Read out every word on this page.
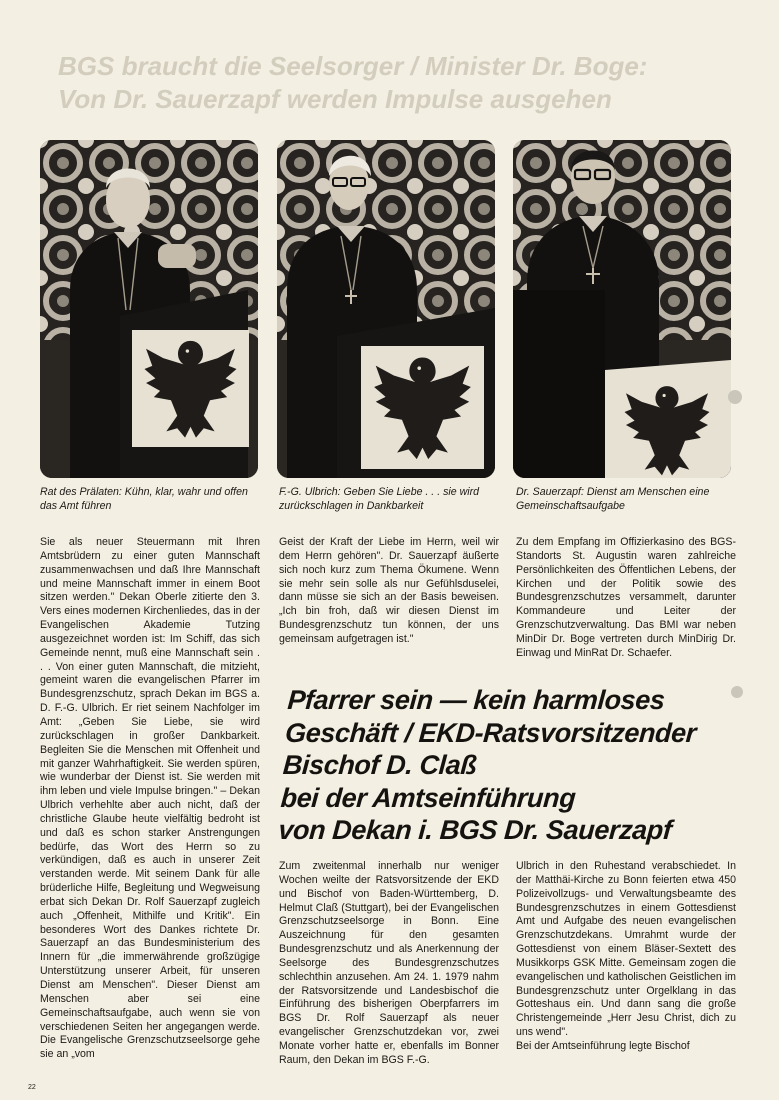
BGS braucht die Seelsorger / Minister Dr. Boge:
Von Dr. Sauerzapf werden Impulse ausgehen

Rat des Prälaten: Kühn, klar, wahr und offen das Amt führen

F.-G. Ulbrich: Geben Sie Liebe . . . sie wird zurückschlagen in Dankbarkeit

Dr. Sauerzapf: Dienst am Menschen eine Gemeinschaftsaufgabe

Sie als neuer Steuermann mit Ihren Amtsbrüdern zu einer guten Mannschaft zusammenwachsen und daß Ihre Mannschaft und meine Mannschaft immer in einem Boot sitzen werden." Dekan Oberle zitierte den 3. Vers eines modernen Kirchenliedes, das in der Evangelischen Akademie Tutzing ausgezeichnet worden ist: Im Schiff, das sich Gemeinde nennt, muß eine Mannschaft sein . . . Von einer guten Mannschaft, die mitzieht, gemeint waren die evangelischen Pfarrer im Bundesgrenzschutz, sprach Dekan im BGS a. D. F.-G. Ulbrich. Er riet seinem Nachfolger im Amt: „Geben Sie Liebe, sie wird zurückschlagen in großer Dankbarkeit. Begleiten Sie die Menschen mit Offenheit und mit ganzer Wahrhaftigkeit. Sie werden spüren, wie wunderbar der Dienst ist. Sie werden mit ihm leben und viele Impulse bringen." – Dekan Ulbrich verhehlte aber auch nicht, daß der christliche Glaube heute vielfältig bedroht ist und daß es schon starker Anstrengungen bedürfe, das Wort des Herrn so zu verkündigen, daß es auch in unserer Zeit verstanden werde. Mit seinem Dank für alle brüderliche Hilfe, Begleitung und Wegweisung erbat sich Dekan Dr. Rolf Sauerzapf zugleich auch „Offenheit, Mithilfe und Kritik". Ein besonderes Wort des Dankes richtete Dr. Sauerzapf an das Bundesministerium des Innern für „die immerwährende großzügige Unterstützung unserer Arbeit, für unseren Dienst am Menschen". Dieser Dienst am Menschen aber sei eine Gemeinschaftsaufgabe, auch wenn sie von verschiedenen Seiten her angegangen werde. Die Evangelische Grenzschutzseelsorge gehe sie an „vom

Geist der Kraft der Liebe im Herrn, weil wir dem Herrn gehören". Dr. Sauerzapf äußerte sich noch kurz zum Thema Ökumene. Wenn sie mehr sein solle als nur Gefühlsduselei, dann müsse sie sich an der Basis beweisen. „Ich bin froh, daß wir diesen Dienst im Bundesgrenzschutz tun können, der uns gemeinsam aufgetragen ist."

Zu dem Empfang im Offizierkasino des BGS-Standorts St. Augustin waren zahlreiche Persönlichkeiten des Öffentlichen Lebens, der Kirchen und der Politik sowie des Bundesgrenzschutzes versammelt, darunter Kommandeure und Leiter der Grenzschutzverwaltung. Das BMI war neben MinDir Dr. Boge vertreten durch MinDirig Dr. Einwag und MinRat Dr. Schaefer.

Pfarrer sein — kein harmloses
Geschäft / EKD-Ratsvorsitzender
Bischof D. Claß
bei der Amtseinführung
von Dekan i. BGS Dr. Sauerzapf

Zum zweitenmal innerhalb nur weniger Wochen weilte der Ratsvorsitzende der EKD und Bischof von Baden-Württemberg, D. Helmut Claß (Stuttgart), bei der Evangelischen Grenzschutzseelsorge in Bonn. Eine Auszeichnung für den gesamten Bundesgrenzschutz und als Anerkennung der Seelsorge des Bundesgrenzschutzes schlechthin anzusehen. Am 24. 1. 1979 nahm der Ratsvorsitzende und Landesbischof die Einführung des bisherigen Oberpfarrers im BGS Dr. Rolf Sauerzapf als neuer evangelischer Grenzschutzdekan vor, zwei Monate vorher hatte er, ebenfalls im Bonner Raum, den Dekan im BGS F.-G.

Ulbrich in den Ruhestand verabschiedet. In der Matthäi-Kirche zu Bonn feierten etwa 450 Polizeivollzugs- und Verwaltungsbeamte des Bundesgrenzschutzes in einem Gottesdienst Amt und Aufgabe des neuen evangelischen Grenzschutzdekans. Umrahmt wurde der Gottesdienst von einem Bläser-Sextett des Musikkorps GSK Mitte. Gemeinsam zogen die evangelischen und katholischen Geistlichen im Bundesgrenzschutz unter Orgelklang in das Gotteshaus ein. Und dann sang die große Christengemeinde „Herr Jesu Christ, dich zu uns wend".

Bei der Amtseinführung legte Bischof

22
